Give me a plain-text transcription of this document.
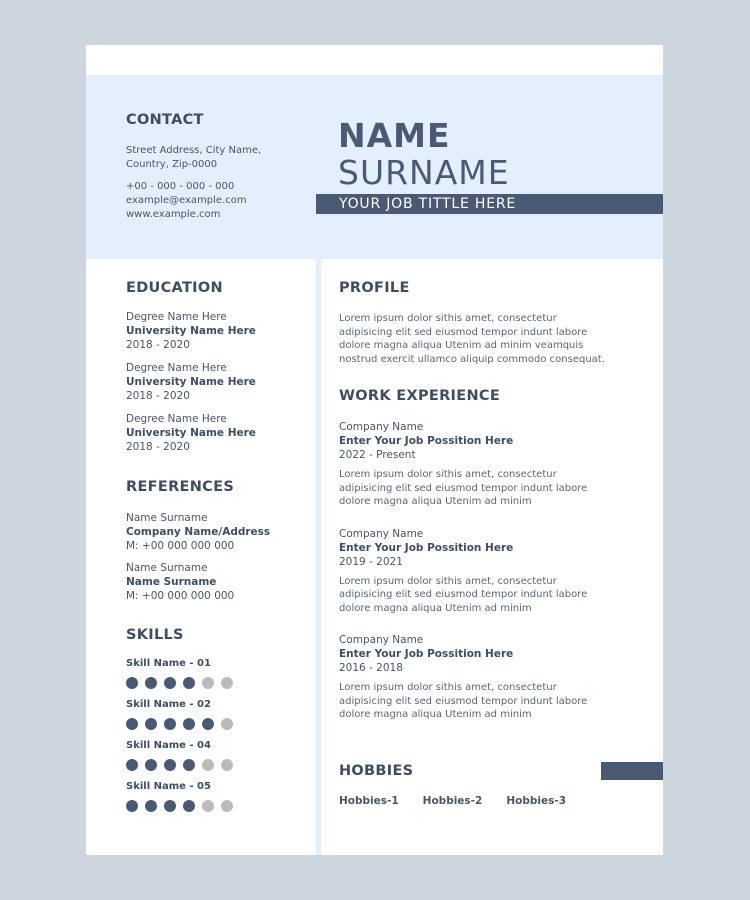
CONTACT
Street Address, City Name,
Country, Zip-0000
+00 - 000 - 000 - 000
example@example.com
www.example.com
NAME
SURNAME
YOUR JOB TITTLE HERE
EDUCATION
Degree Name Here
University Name Here
2018 - 2020
Degree Name Here
University Name Here
2018 - 2020
Degree Name Here
University Name Here
2018 - 2020
REFERENCES
Name Surname
Company Name/Address
M: +00 000 000 000
Name Surname
Name Surname
M: +00 000 000 000
SKILLS
Skill Name - 01
Skill Name - 02
Skill Name - 04
Skill Name - 05
PROFILE
Lorem ipsum dolor sithis amet, consectetur adipisicing elit sed eiusmod tempor indunt labore dolore magna aliqua Utenim ad minim veamquis nostrud exercit ullamco aliquip commodo consequat.
WORK EXPERIENCE
Company Name
Enter Your Job Possition Here
2022 - Present
Lorem ipsum dolor sithis amet, consectetur adipisicing elit sed eiusmod tempor indunt labore dolore magna aliqua Utenim ad minim
Company Name
Enter Your Job Possition Here
2019 - 2021
Lorem ipsum dolor sithis amet, consectetur adipisicing elit sed eiusmod tempor indunt labore dolore magna aliqua Utenim ad minim
Company Name
Enter Your Job Possition Here
2016 - 2018
Lorem ipsum dolor sithis amet, consectetur adipisicing elit sed eiusmod tempor indunt labore dolore magna aliqua Utenim ad minim
HOBBIES
Hobbies-1 Hobbies-2 Hobbies-3
